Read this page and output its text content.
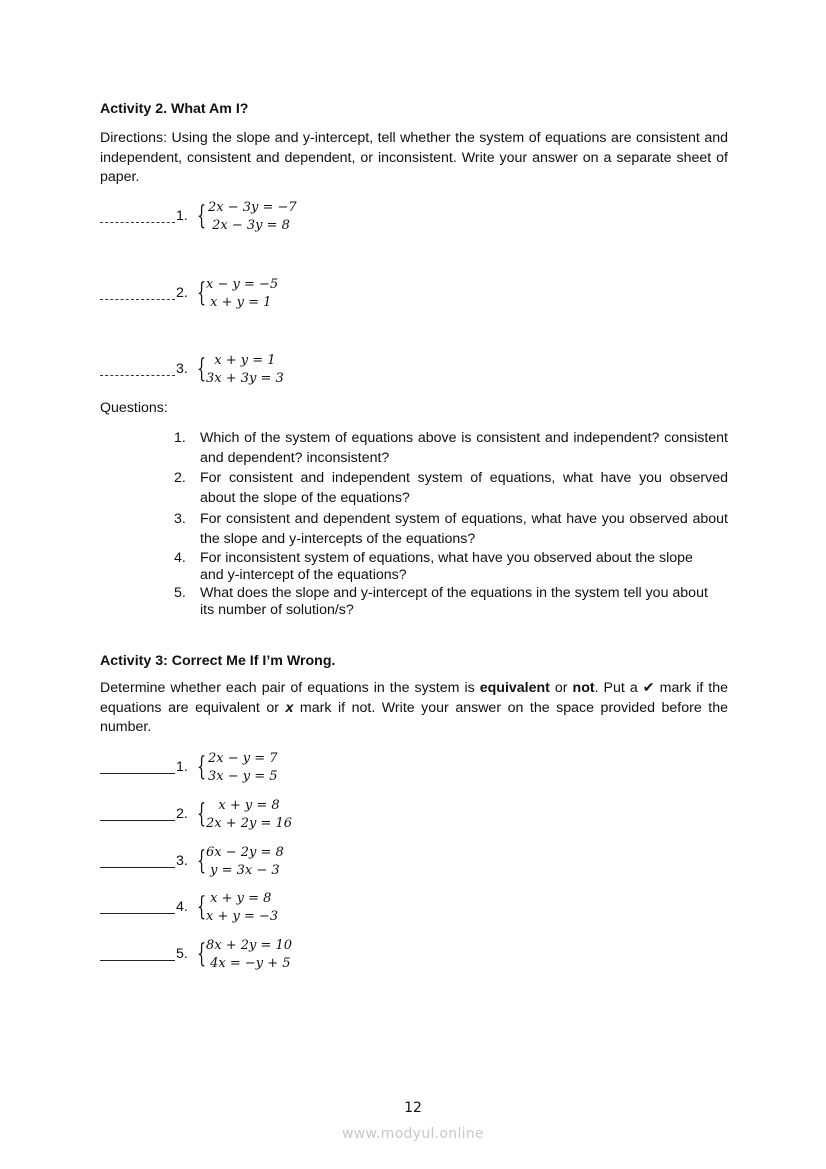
Activity 2. What Am I?
Directions: Using the slope and y-intercept, tell whether the system of equations are consistent and independent, consistent and dependent, or inconsistent. Write your answer on a separate sheet of paper.
1. { 2x − 3y = −7
2x − 3y = 8
2. { x − y = −5
x + y = 1
3. { x + y = 1
3x + 3y = 3
Questions:
1. Which of the system of equations above is consistent and independent? consistent and dependent? inconsistent?
2. For consistent and independent system of equations, what have you observed about the slope of the equations?
3. For consistent and dependent system of equations, what have you observed about the slope and y-intercepts of the equations?
4. For inconsistent system of equations, what have you observed about the slope and y-intercept of the equations?
5. What does the slope and y-intercept of the equations in the system tell you about its number of solution/s?
Activity 3: Correct Me If I’m Wrong.
Determine whether each pair of equations in the system is equivalent or not. Put a ✔ mark if the equations are equivalent or x mark if not. Write your answer on the space provided before the number.
1. { 2x − y = 7
3x − y = 5
2. { x + y = 8
2x + 2y = 16
3. { 6x − 2y = 8
y = 3x − 3
4. { x + y = 8
x + y = −3
5. { 8x + 2y = 10
4x = −y + 5
12
www.modyul.online
